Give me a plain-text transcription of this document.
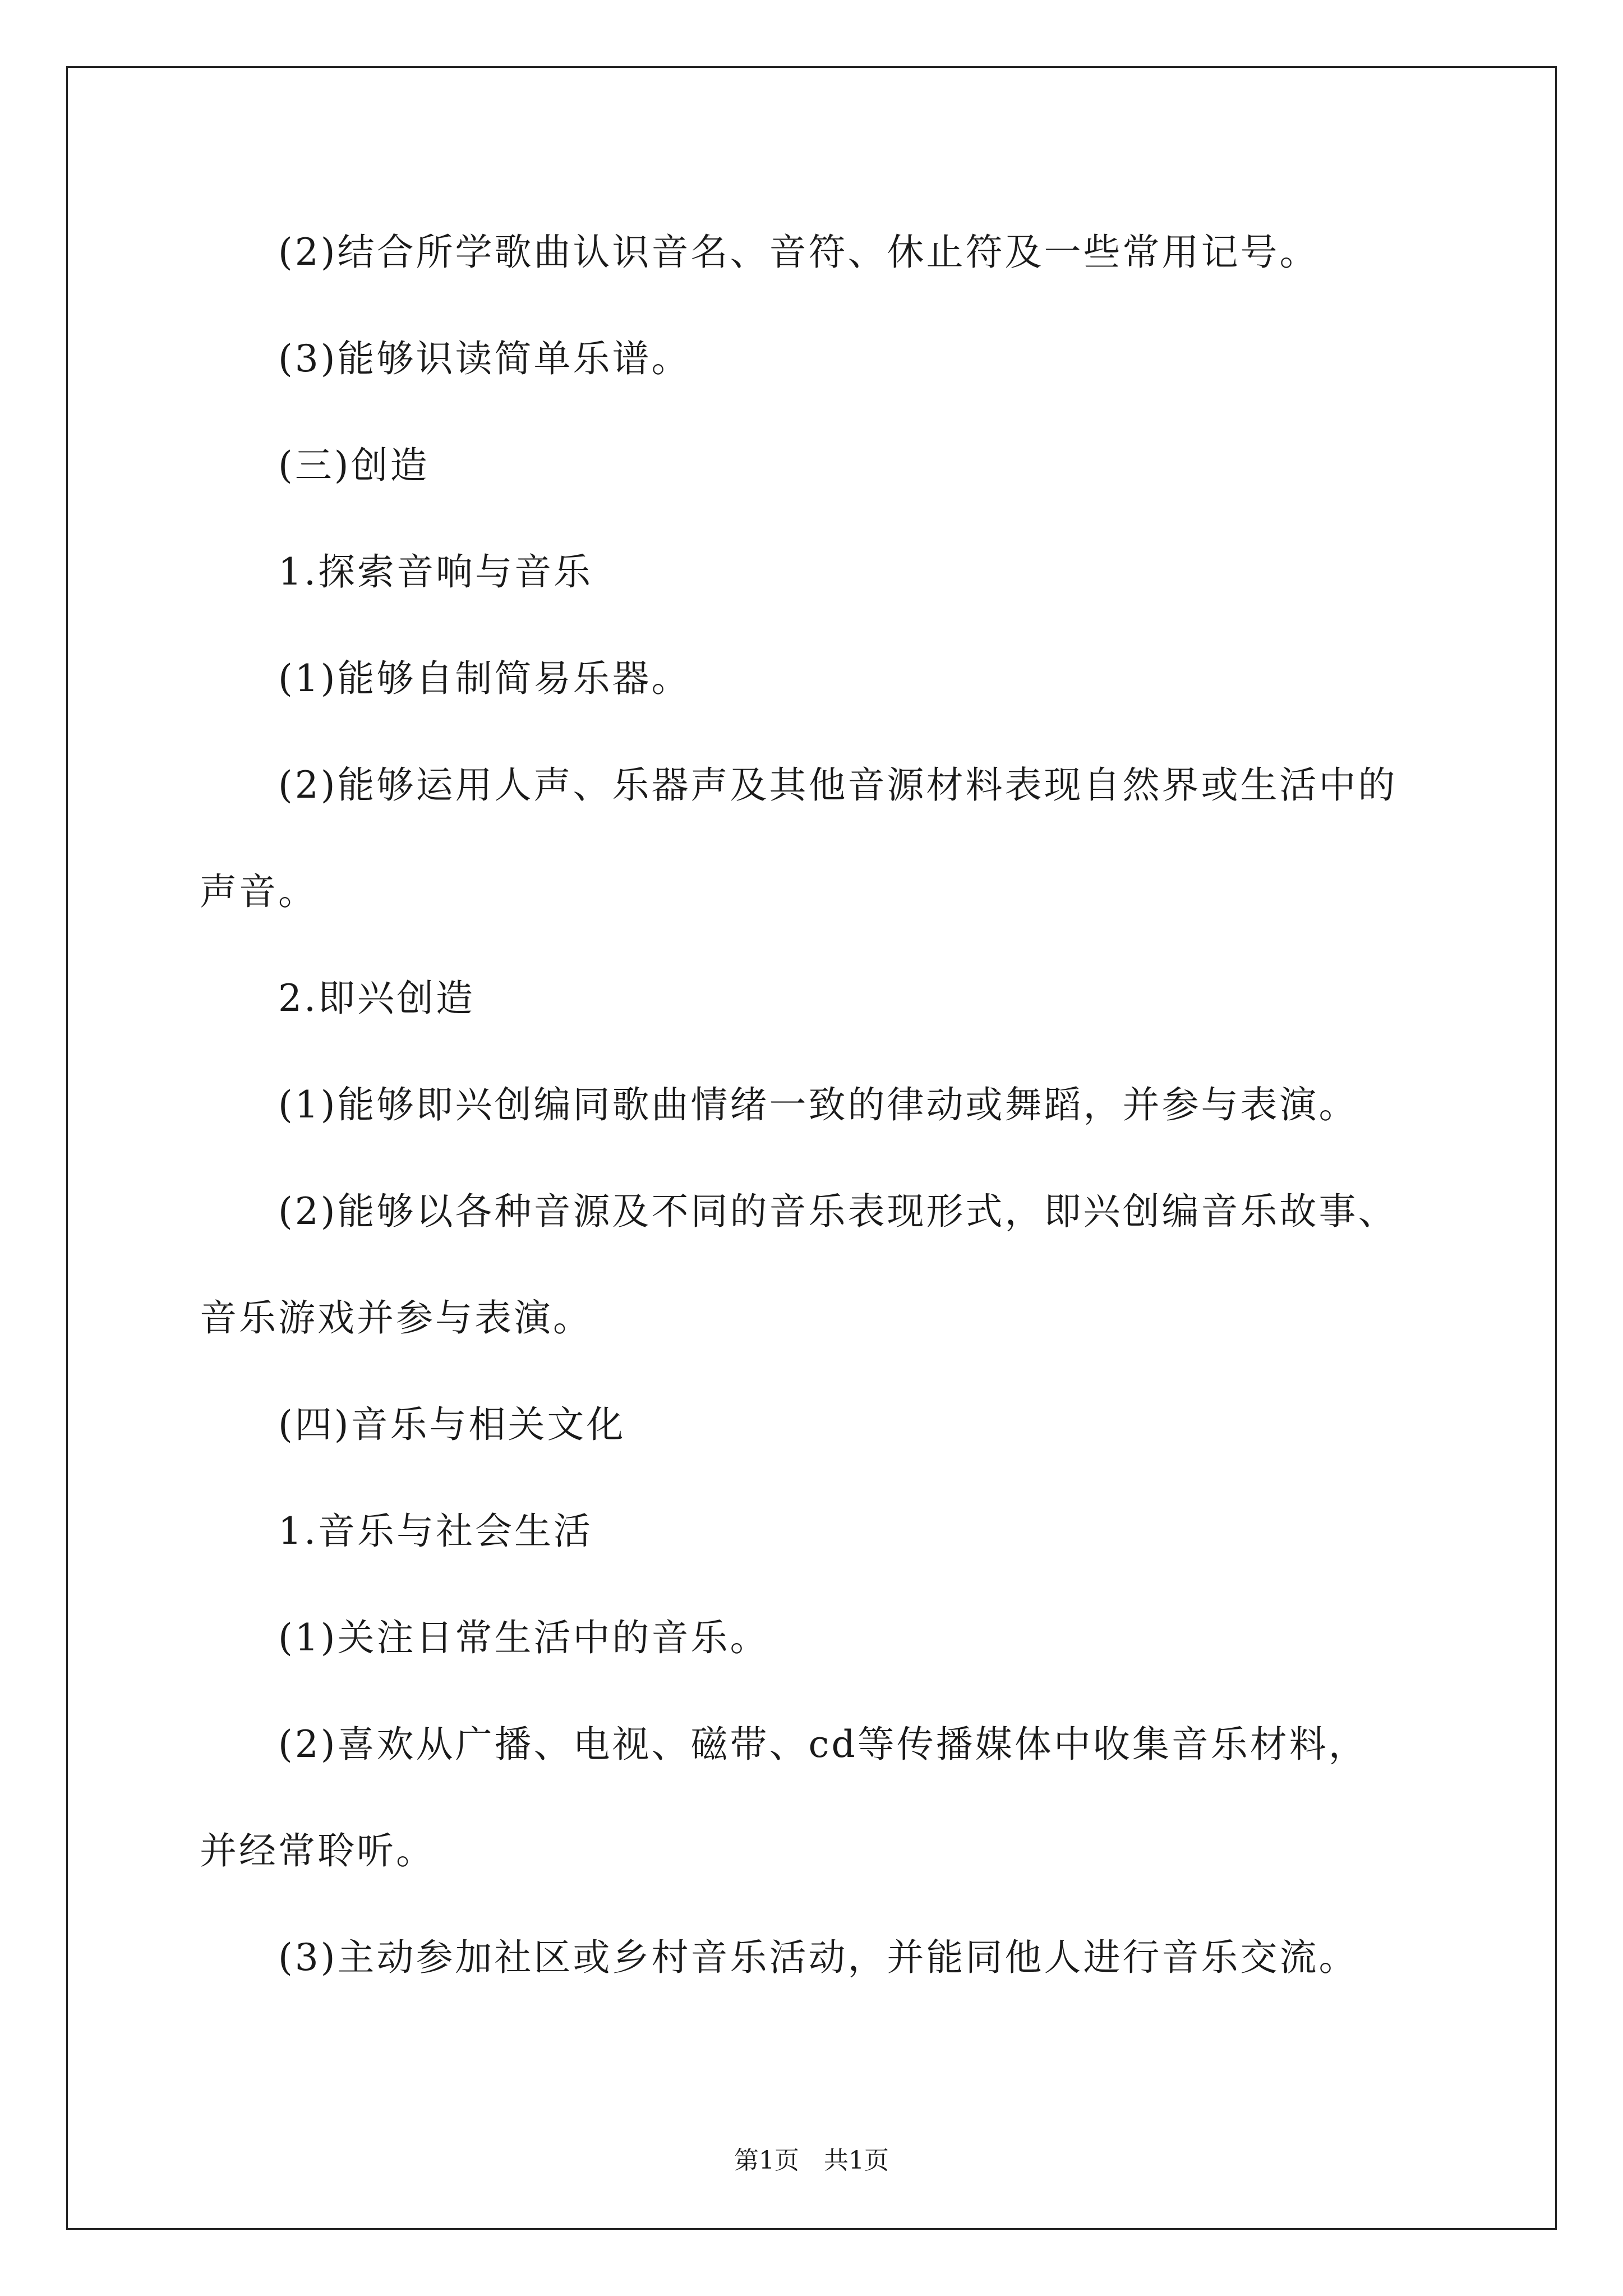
(2)结合所学歌曲认识音名、音符、休止符及一些常用记号。
(3)能够识读简单乐谱。
(三)创造
1.探索音响与音乐
(1)能够自制简易乐器。
(2)能够运用人声、乐器声及其他音源材料表现自然界或生活中的
声音。
2.即兴创造
(1)能够即兴创编同歌曲情绪一致的律动或舞蹈，并参与表演。
(2)能够以各种音源及不同的音乐表现形式，即兴创编音乐故事、
音乐游戏并参与表演。
(四)音乐与相关文化
1.音乐与社会生活
(1)关注日常生活中的音乐。
(2)喜欢从广播、电视、磁带、cd等传播媒体中收集音乐材料，
并经常聆听。
(3)主动参加社区或乡村音乐活动，并能同他人进行音乐交流。
第1页　共1页
